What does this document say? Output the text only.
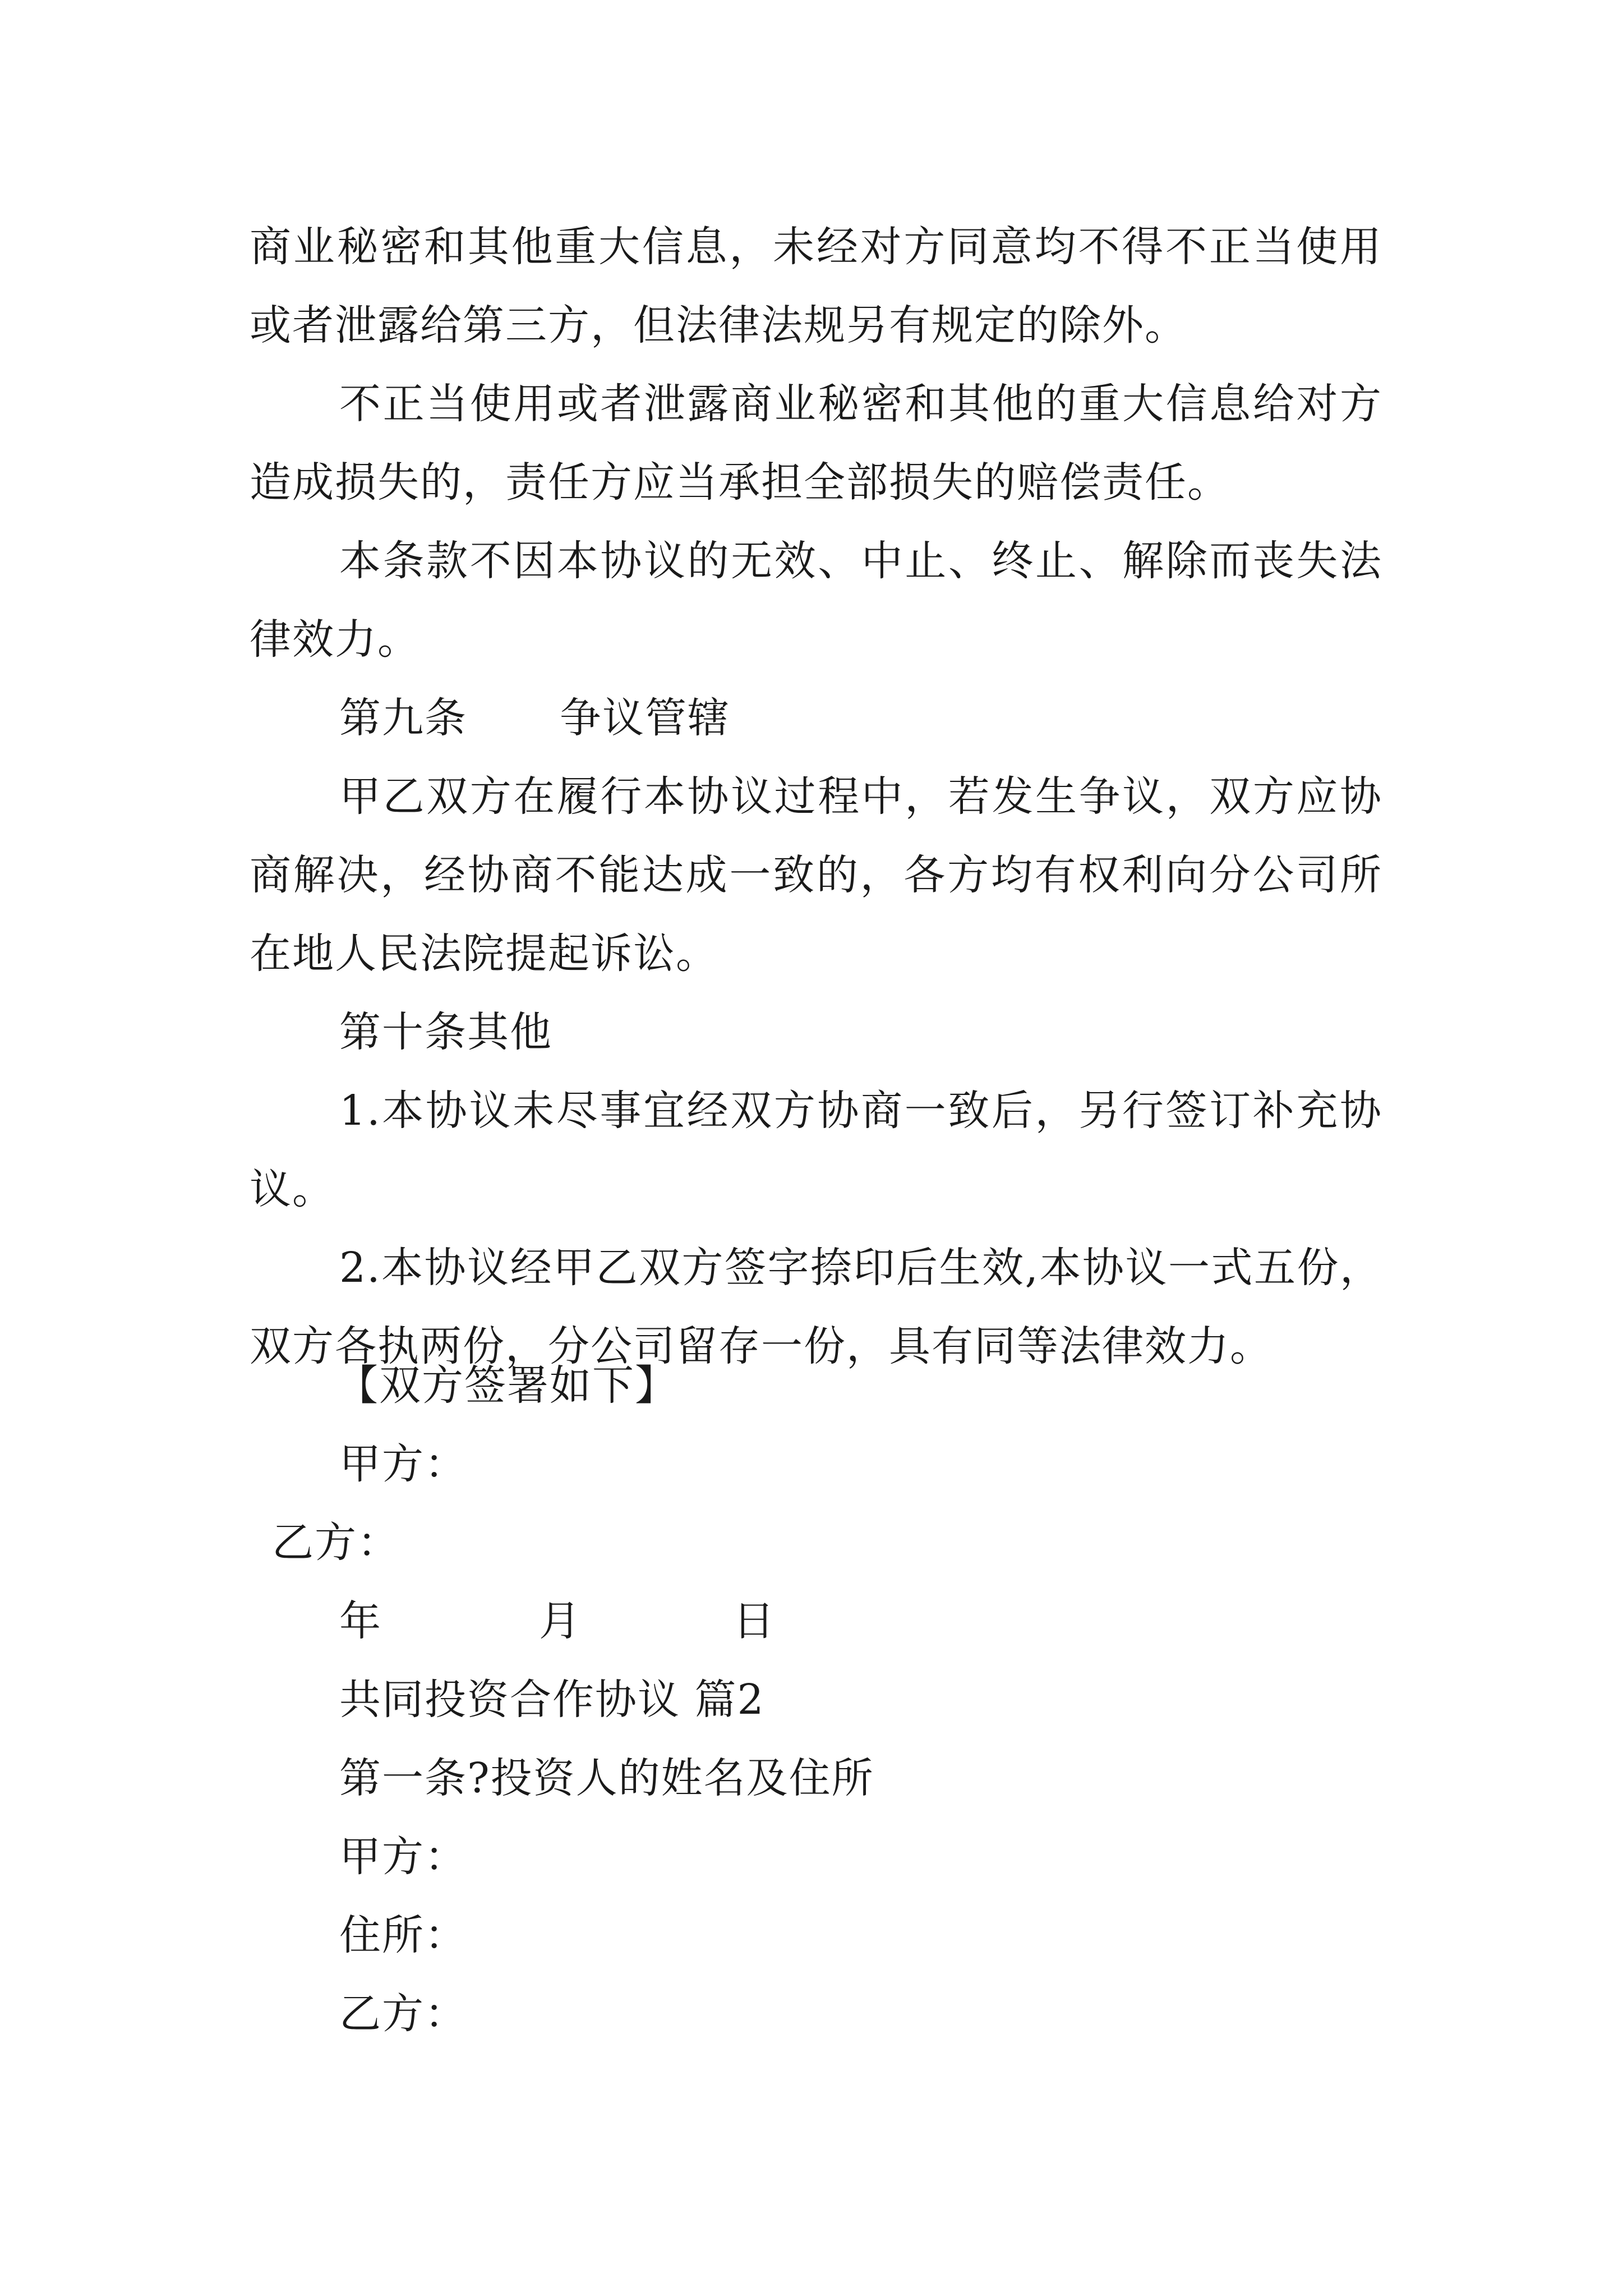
商业秘密和其他重大信息，未经对方同意均不得不正当使用或者泄露给第三方，但法律法规另有规定的除外。

不正当使用或者泄露商业秘密和其他的重大信息给对方造成损失的，责任方应当承担全部损失的赔偿责任。

本条款不因本协议的无效、中止、终止、解除而丧失法律效力。

第九条 争议管辖

甲乙双方在履行本协议过程中，若发生争议，双方应协商解决，经协商不能达成一致的，各方均有权利向分公司所在地人民法院提起诉讼。

第十条其他

1.本协议未尽事宜经双方协商一致后，另行签订补充协议。

2.本协议经甲乙双方签字捺印后生效,本协议一式五份，双方各执两份，分公司留存一份，具有同等法律效力。

【双方签署如下】
甲方：
乙方：
年	月	日
共同投资合作协议 篇2
第一条?投资人的姓名及住所
甲方：
住所：
乙方：
